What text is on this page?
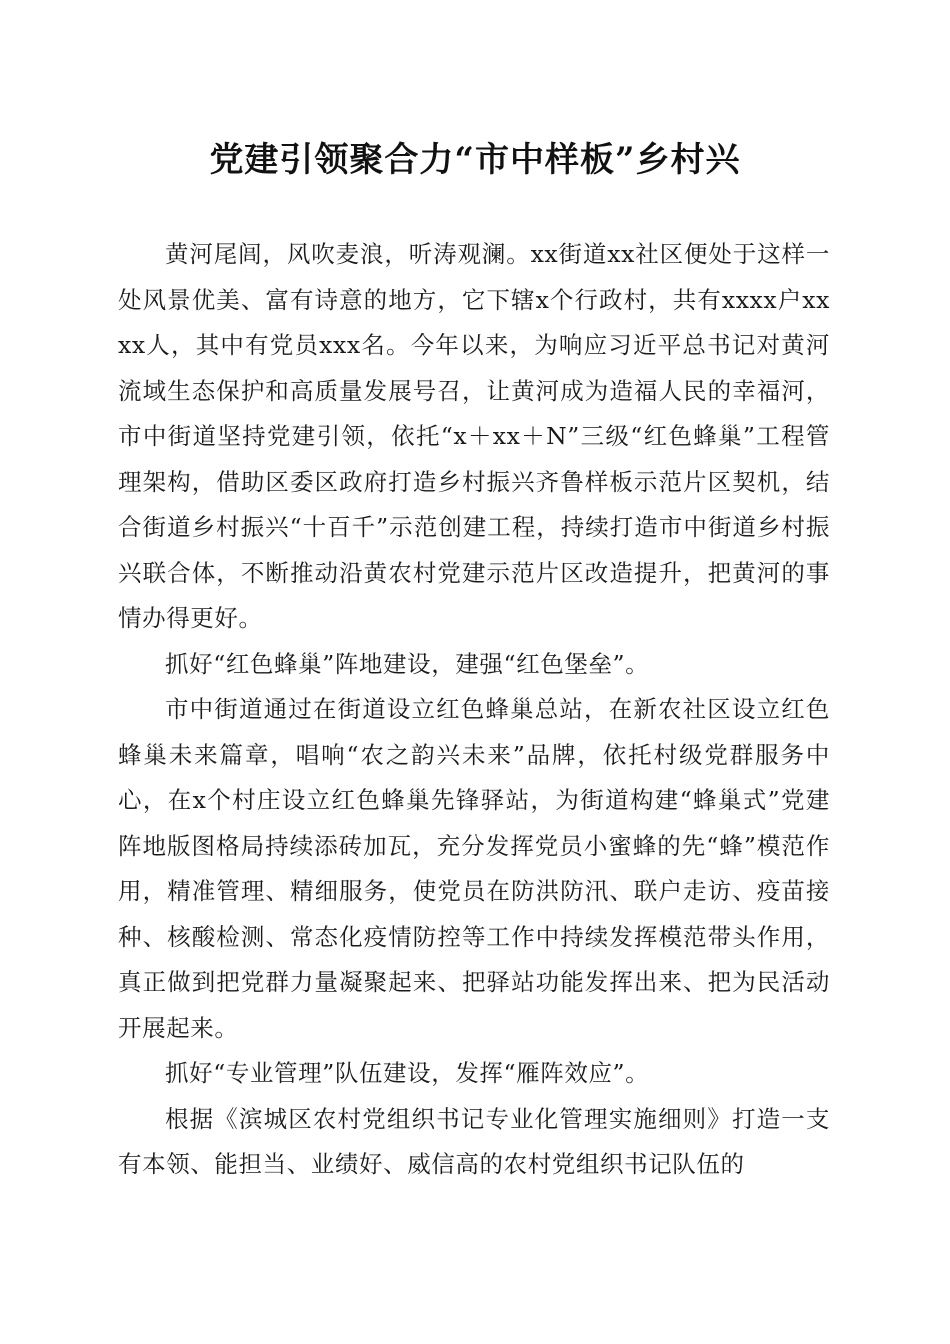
党建引领聚合力“市中样板”乡村兴

黄河尾闾，风吹麦浪，听涛观澜。xx街道xx社区便处于这样一处风景优美、富有诗意的地方，它下辖x个行政村，共有xxxx户xxxx人，其中有党员xxx名。今年以来，为响应习近平总书记对黄河流域生态保护和高质量发展号召，让黄河成为造福人民的幸福河，市中街道坚持党建引领，依托“x＋xx＋N”三级“红色蜂巢”工程管理架构，借助区委区政府打造乡村振兴齐鲁样板示范片区契机，结合街道乡村振兴“十百千”示范创建工程，持续打造市中街道乡村振兴联合体，不断推动沿黄农村党建示范片区改造提升，把黄河的事情办得更好。

抓好“红色蜂巢”阵地建设，建强“红色堡垒”。

市中街道通过在街道设立红色蜂巢总站，在新农社区设立红色蜂巢未来篇章，唱响“农之韵兴未来”品牌，依托村级党群服务中心，在x个村庄设立红色蜂巢先锋驿站，为街道构建“蜂巢式”党建阵地版图格局持续添砖加瓦，充分发挥党员小蜜蜂的先“蜂”模范作用，精准管理、精细服务，使党员在防洪防汛、联户走访、疫苗接种、核酸检测、常态化疫情防控等工作中持续发挥模范带头作用，真正做到把党群力量凝聚起来、把驿站功能发挥出来、把为民活动开展起来。

抓好“专业管理”队伍建设，发挥“雁阵效应”。

根据《滨城区农村党组织书记专业化管理实施细则》打造一支有本领、能担当、业绩好、威信高的农村党组织书记队伍的
